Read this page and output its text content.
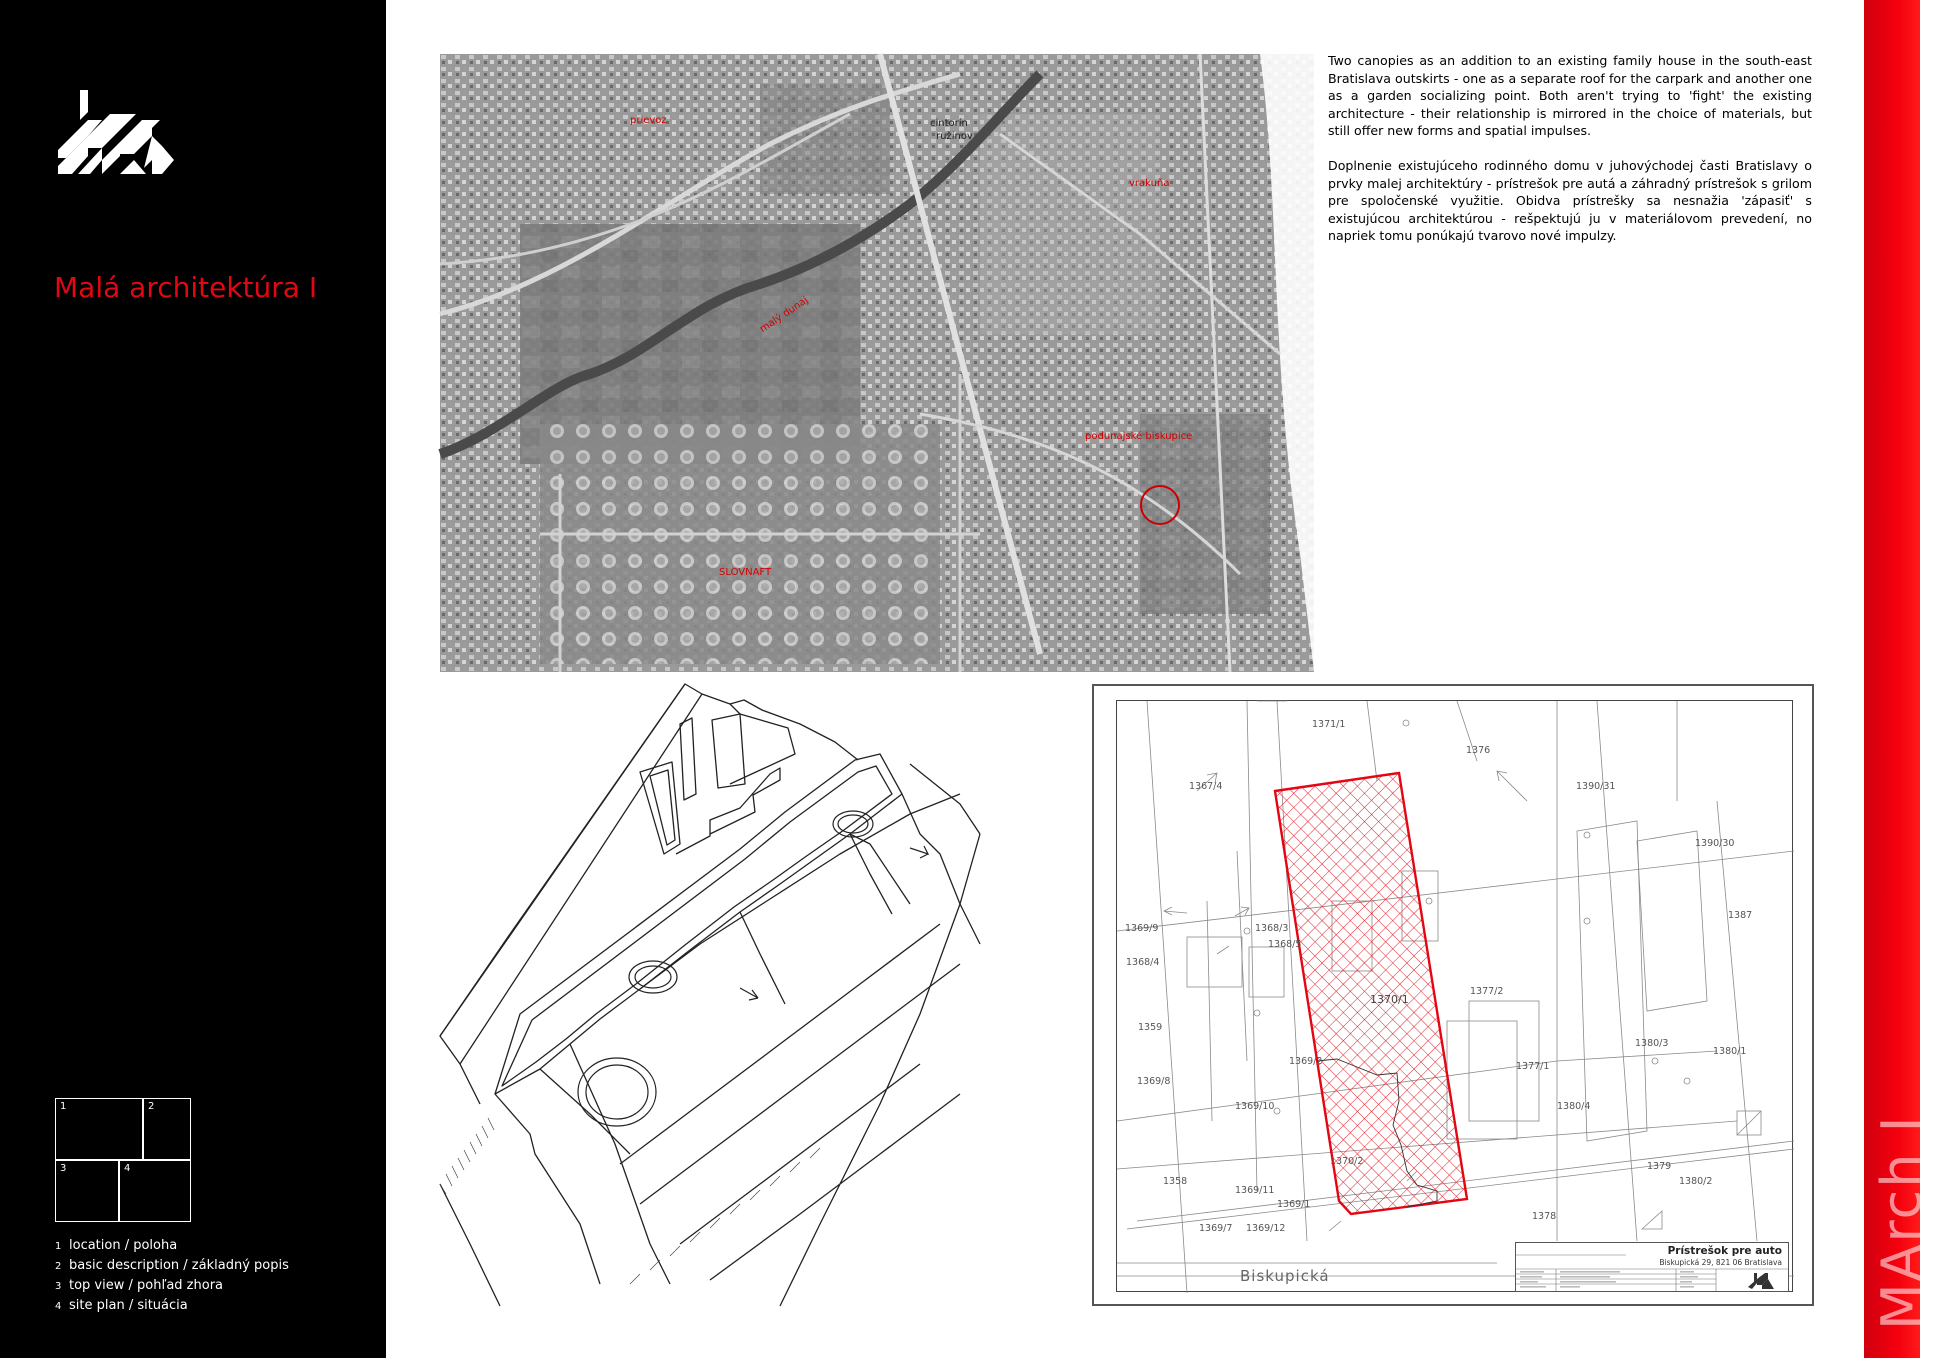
Malá architektúra I
1	2
3	4
1 location / poloha
2 basic description / základný popis
3 top view / pohľad zhora
4 site plan / situácia
prievoz	cintorín
ružinov
vrakuňa
malý dunaj
podunajské biskupice
SLOVNAFT

Two canopies as an addition to an existing family house in the south-east Bratislava outskirts - one as a separate roof for the carpark and another one as a garden socializing point. Both aren't trying to 'fight' the existing architecture - their relationship is mirrored in the choice of materials, but still offer new forms and spatial impulses.

Doplnenie existujúceho rodinného domu v juhovýchodej časti Bratislavy o prvky malej architektúry - prístrešok pre autá a záhradný prístrešok s grilom pre spoločenské využitie. Obidva prístrešky sa nesnažia 'zápasiť' s existujúcou architektúrou - rešpektujú ju v materiálovom prevedení, no napriek tomu ponúkajú tvarovo nové impulzy.

1371/1
1376
1367/4	1390/31
1390/30
1387
1369/9	1368/3
1368/5
1368/4
1370/1
1377/2
1359
1369/2	1377/1
1380/3
1380/1
1369/8
1369/10	1380/4
1370/2
1358
1369/11
1379
1380/2
1369/1
1378
1369/7 1369/12
Biskupická
Prístrešok pre auto
Biskupická 29, 821 06 Bratislava MArch I
